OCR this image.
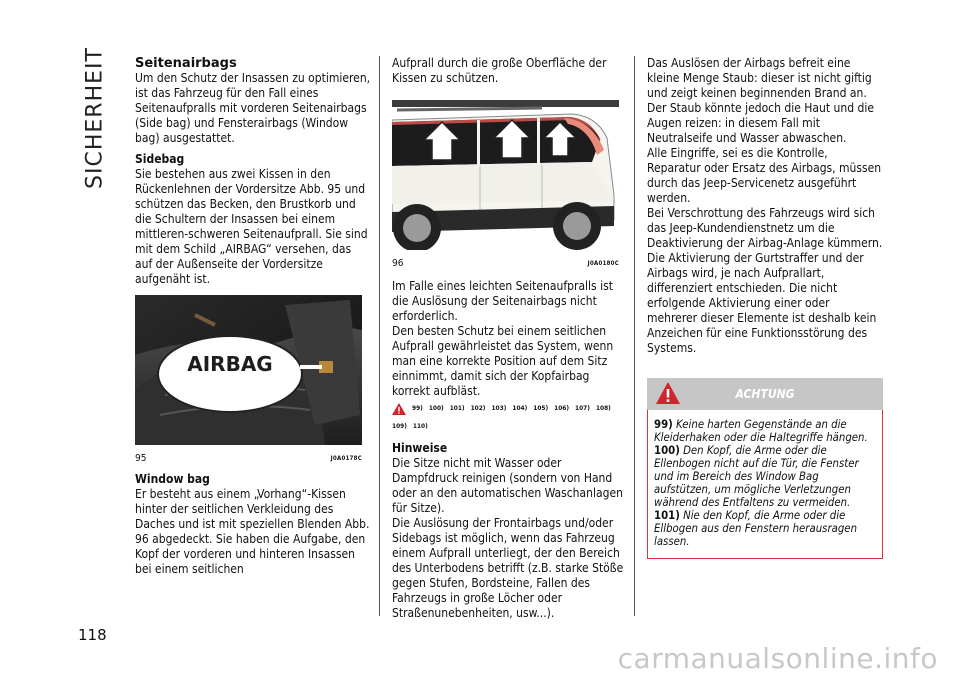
SICHERHEIT
118
Seitenairbags

Um den Schutz der Insassen zu optimieren, ist das Fahrzeug für den Fall eines Seitenaufpralls mit vorderen Seitenairbags (Side bag) und Fensterairbags (Window bag) ausgestattet.

Sidebag

Sie bestehen aus zwei Kissen in den Rückenlehnen der Vordersitze Abb. 95 und schützen das Becken, den Brustkorb und die Schultern der Insassen bei einem mittleren-schweren Seitenaufprall. Sie sind mit dem Schild „AIRBAG“ versehen, das auf der Außenseite der Vordersitze aufgenäht ist.

AIRBAG
95	J0A0178C
Window bag

Er besteht aus einem „Vorhang“-Kissen hinter der seitlichen Verkleidung des Daches und ist mit speziellen Blenden Abb. 96 abgedeckt. Sie haben die Aufgabe, den Kopf der vorderen und hinteren Insassen bei einem seitlichen

Aufprall durch die große Oberfläche der Kissen zu schützen.

96	J0A0180C

Im Falle eines leichten Seitenaufpralls ist die Auslösung der Seitenairbags nicht erforderlich.

Den besten Schutz bei einem seitlichen Aufprall gewährleistet das System, wenn man eine korrekte Position auf dem Sitz einnimmt, damit sich der Kopfairbag korrekt aufbläst.

99) 100) 101) 102) 103) 104) 105) 106) 107) 108)
109) 110)
Hinweise

Die Sitze nicht mit Wasser oder Dampfdruck reinigen (sondern von Hand oder an den automatischen Waschanlagen für Sitze).

Die Auslösung der Frontairbags und/oder Sidebags ist möglich, wenn das Fahrzeug einem Aufprall unterliegt, der den Bereich des Unterbodens betrifft (z.B. starke Stöße gegen Stufen, Bordsteine, Fallen des Fahrzeugs in große Löcher oder Straßenunebenheiten, usw...).

Das Auslösen der Airbags befreit eine kleine Menge Staub: dieser ist nicht giftig und zeigt keinen beginnenden Brand an. Der Staub könnte jedoch die Haut und die Augen reizen: in diesem Fall mit Neutralseife und Wasser abwaschen.

Alle Eingriffe, sei es die Kontrolle, Reparatur oder Ersatz des Airbags, müssen durch das Jeep-Servicenetz ausgeführt werden.

Bei Verschrottung des Fahrzeugs wird sich das Jeep-Kundendienstnetz um die Deaktivierung der Airbag-Anlage kümmern.

Die Aktivierung der Gurtstraffer und der Airbags wird, je nach Aufprallart, differenziert entschieden. Die nicht erfolgende Aktivierung einer oder mehrerer dieser Elemente ist deshalb kein Anzeichen für eine Funktionsstörung des Systems.

ACHTUNG

99) Keine harten Gegenstände an die Kleiderhaken oder die Haltegriffe hängen.

100) Den Kopf, die Arme oder die Ellenbogen nicht auf die Tür, die Fenster und im Bereich des Window Bag aufstützen, um mögliche Verletzungen während des Entfaltens zu vermeiden.

101) Nie den Kopf, die Arme oder die Ellbogen aus den Fenstern herausragen lassen.

carmanualsonline.info
